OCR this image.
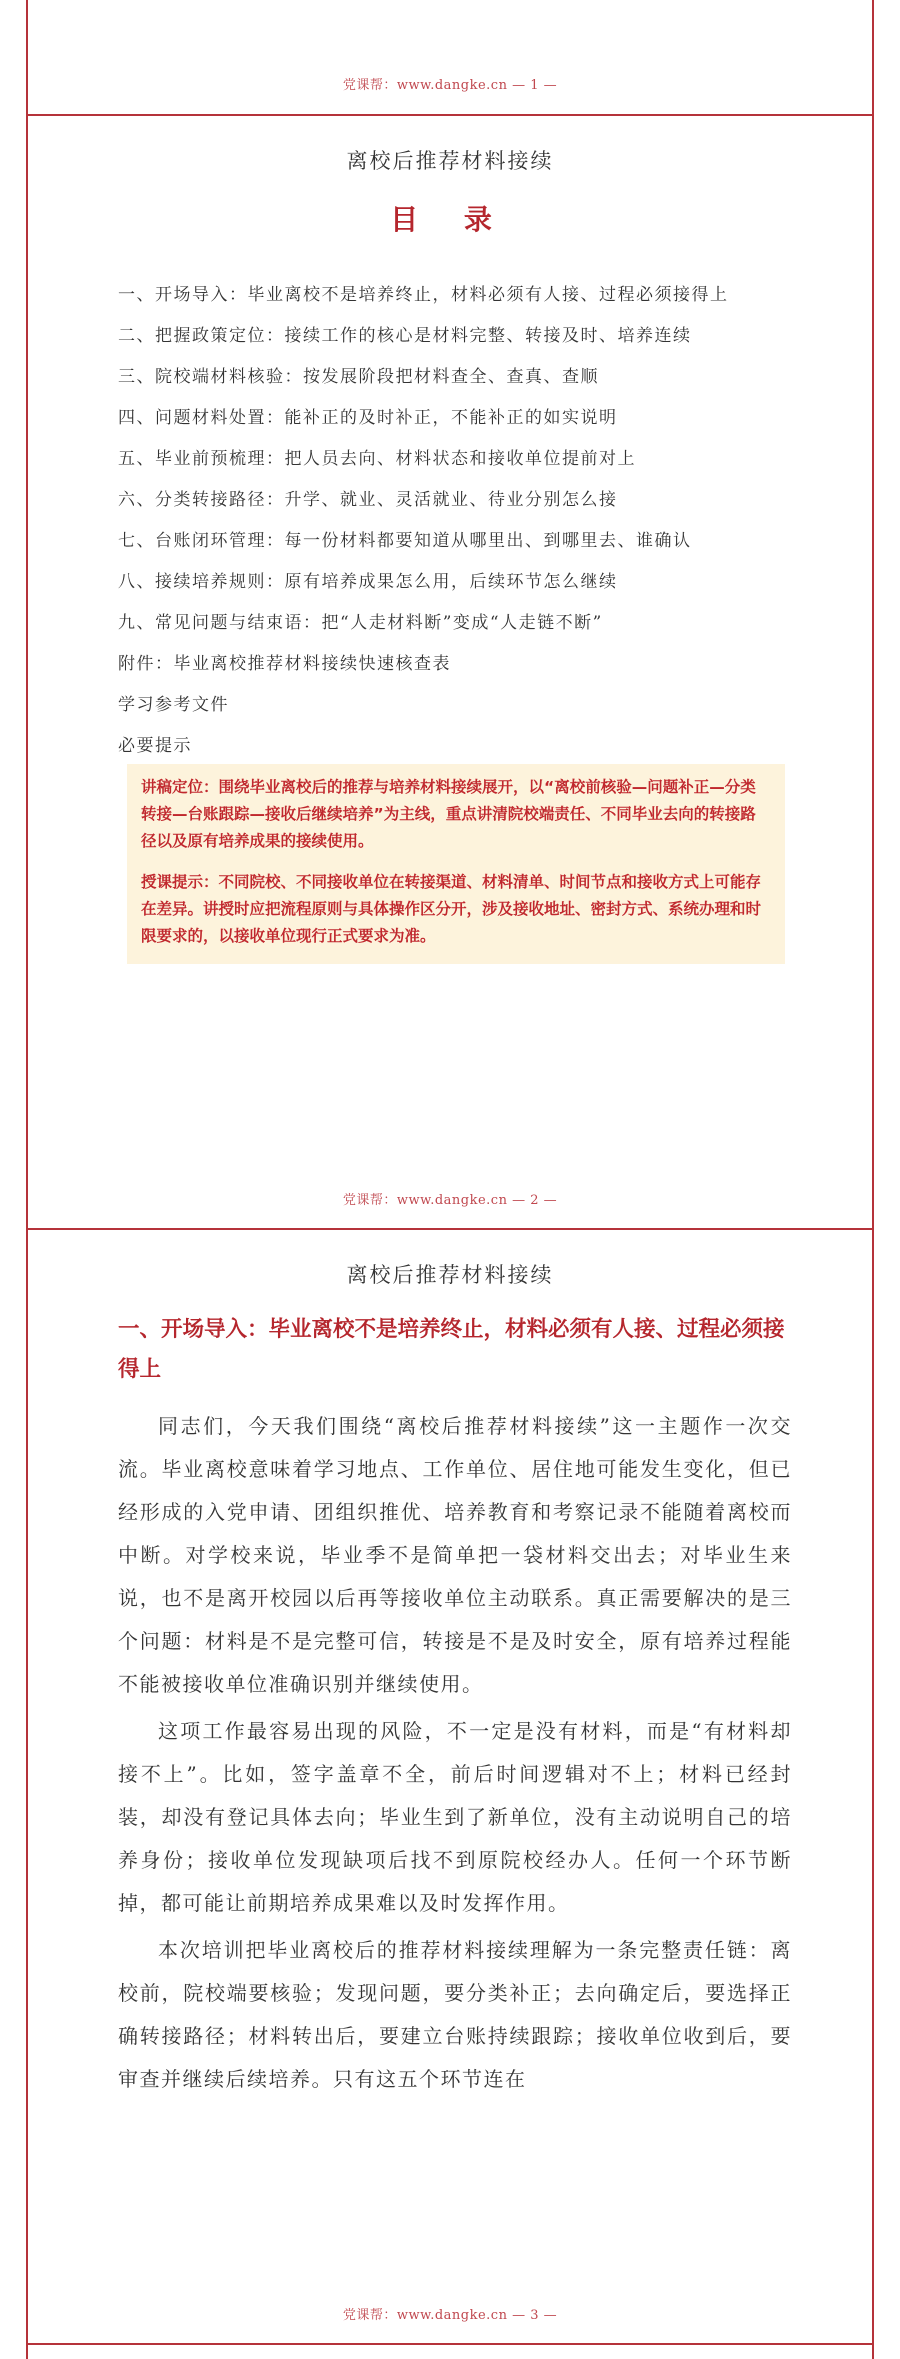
党课帮：www.dangke.cn — 1 —
离校后推荐材料接续
目 录
一、开场导入：毕业离校不是培养终止，材料必须有人接、过程必须接得上
二、把握政策定位：接续工作的核心是材料完整、转接及时、培养连续
三、院校端材料核验：按发展阶段把材料查全、查真、查顺
四、问题材料处置：能补正的及时补正，不能补正的如实说明
五、毕业前预梳理：把人员去向、材料状态和接收单位提前对上
六、分类转接路径：升学、就业、灵活就业、待业分别怎么接
七、台账闭环管理：每一份材料都要知道从哪里出、到哪里去、谁确认
八、接续培养规则：原有培养成果怎么用，后续环节怎么继续
九、常见问题与结束语：把“人走材料断”变成“人走链不断”
附件：毕业离校推荐材料接续快速核查表
学习参考文件
必要提示

讲稿定位：围绕毕业离校后的推荐与培养材料接续展开，以“离校前核验—问题补正—分类转接—台账跟踪—接收后继续培养”为主线，重点讲清院校端责任、不同毕业去向的转接路径以及原有培养成果的接续使用。

授课提示：不同院校、不同接收单位在转接渠道、材料清单、时间节点和接收方式上可能存在差异。讲授时应把流程原则与具体操作区分开，涉及接收地址、密封方式、系统办理和时限要求的，以接收单位现行正式要求为准。

党课帮：www.dangke.cn — 2 —
离校后推荐材料接续
一、开场导入：毕业离校不是培养终止，材料必须有人接、过程必须接得上

同志们，今天我们围绕“离校后推荐材料接续”这一主题作一次交流。毕业离校意味着学习地点、工作单位、居住地可能发生变化，但已经形成的入党申请、团组织推优、培养教育和考察记录不能随着离校而中断。对学校来说，毕业季不是简单把一袋材料交出去；对毕业生来说，也不是离开校园以后再等接收单位主动联系。真正需要解决的是三个问题：材料是不是完整可信，转接是不是及时安全，原有培养过程能不能被接收单位准确识别并继续使用。

这项工作最容易出现的风险，不一定是没有材料，而是“有材料却接不上”。比如，签字盖章不全，前后时间逻辑对不上；材料已经封装，却没有登记具体去向；毕业生到了新单位，没有主动说明自己的培养身份；接收单位发现缺项后找不到原院校经办人。任何一个环节断掉，都可能让前期培养成果难以及时发挥作用。

本次培训把毕业离校后的推荐材料接续理解为一条完整责任链：离校前，院校端要核验；发现问题，要分类补正；去向确定后，要选择正确转接路径；材料转出后，要建立台账持续跟踪；接收单位收到后，要审查并继续后续培养。只有这五个环节连在

党课帮：www.dangke.cn — 3 —
